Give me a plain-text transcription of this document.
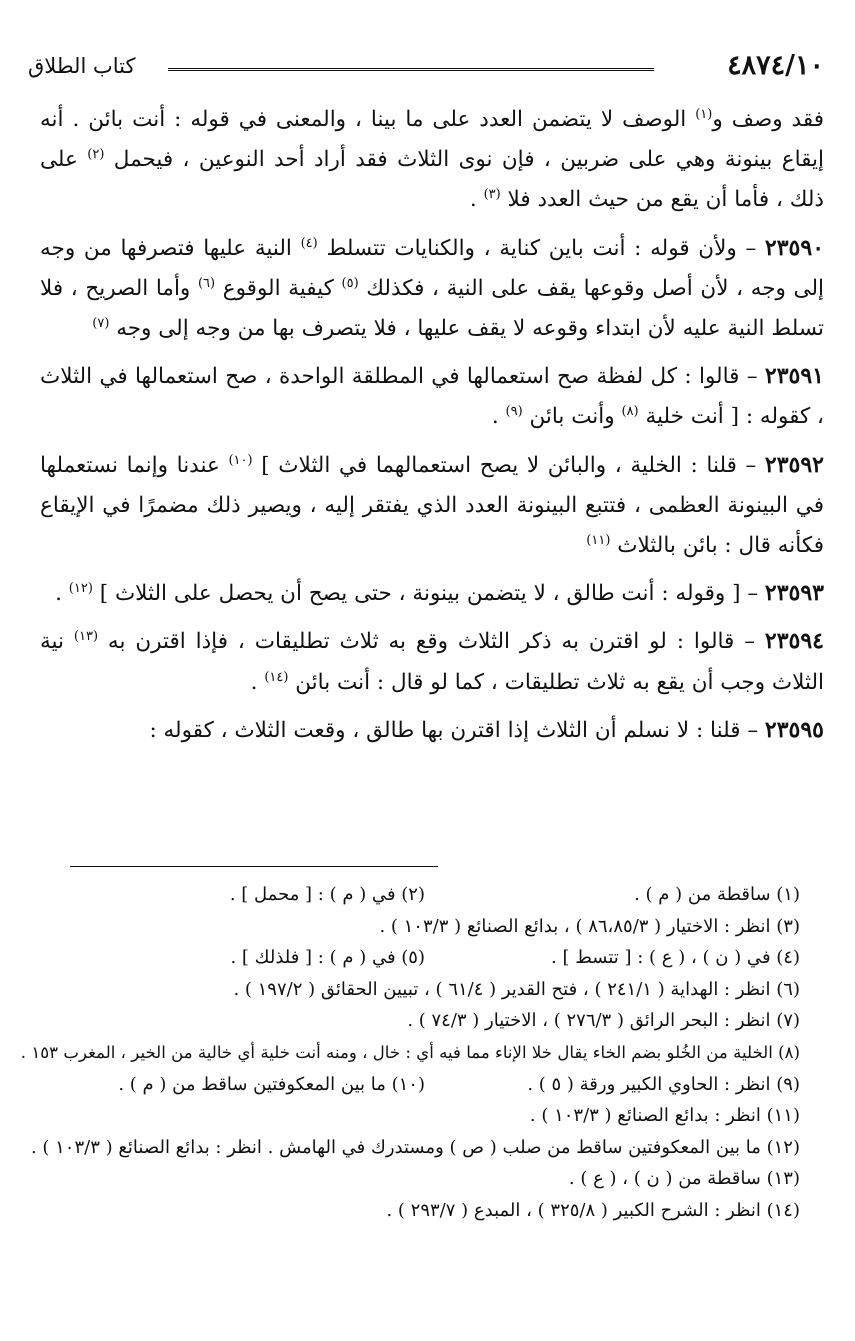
٤٨٧٤/١٠
كتاب الطلاق

فقد وصف و$^{(١)}$ الوصف لا يتضمن العدد على ما بينا ، والمعنى في قوله : أنت بائن . أنه إيقاع بينونة وهي على ضربين ، فإن نوى الثلاث فقد أراد أحد النوعين ، فيحمل $^{(٢)}$ على ذلك ، فأما أن يقع من حيث العدد فلا $^{(٣)}$ .

٢٣٥٩٠ – ولأن قوله : أنت باين كناية ، والكنايات تتسلط $^{(٤)}$ النية عليها فتصرفها من وجه إلى وجه ، لأن أصل وقوعها يقف على النية ، فكذلك $^{(٥)}$ كيفية الوقوع $^{(٦)}$ وأما الصريح ، فلا تسلط النية عليه لأن ابتداء وقوعه لا يقف عليها ، فلا يتصرف بها من وجه إلى وجه $^{(٧)}$

٢٣٥٩١ – قالوا : كل لفظة صح استعمالها في المطلقة الواحدة ، صح استعمالها في الثلاث ، كقوله : [ أنت خلية $^{(٨)}$ وأنت بائن $^{(٩)}$ .

٢٣٥٩٢ – قلنا : الخلية ، والبائن لا يصح استعمالهما في الثلاث ] $^{(١٠)}$ عندنا وإنما نستعملها في البينونة العظمى ، فتتبع البينونة العدد الذي يفتقر إليه ، ويصير ذلك مضمرًا في الإيقاع فكأنه قال : بائن بالثلاث $^{(١١)}$

٢٣٥٩٣ – [ وقوله : أنت طالق ، لا يتضمن بينونة ، حتى يصح أن يحصل على الثلاث ] $^{(١٢)}$ .

٢٣٥٩٤ – قالوا : لو اقترن به ذكر الثلاث وقع به ثلاث تطليقات ، فإذا اقترن به $^{(١٣)}$ نية الثلاث وجب أن يقع به ثلاث تطليقات ، كما لو قال : أنت بائن $^{(١٤)}$ .

٢٣٥٩٥ – قلنا : لا نسلم أن الثلاث إذا اقترن بها طالق ، وقعت الثلاث ، كقوله :

(١) ساقطة من ( م ) .
(٢) في ( م ) : [ محمل ] .
(٣) انظر : الاختيار ( ٨٦،٨٥/٣ ) ، بدائع الصنائع ( ١٠٣/٣ ) .
(٤) في ( ن ) ، ( ع ) : [ تتسط ] .
(٥) في ( م ) : [ فلذلك ] .
(٦) انظر : الهداية ( ٢٤١/١ ) ، فتح القدير ( ٦١/٤ ) ، تبيين الحقائق ( ١٩٧/٢ ) .
(٧) انظر : البحر الرائق ( ٢٧٦/٣ ) ، الاختيار ( ٧٤/٣ ) .
(٨) الخلية من الخُلو بضم الخاء يقال خلا الإناء مما فيه أي : خال ، ومنه أنت خلية أي خالية من الخير ، المغرب ١٥٣ .
(٩) انظر : الحاوي الكبير ورقة ( ٥ ) .
(١٠) ما بين المعكوفتين ساقط من ( م ) .
(١١) انظر : بدائع الصنائع ( ١٠٣/٣ ) .
(١٢) ما بين المعكوفتين ساقط من صلب ( ص ) ومستدرك في الهامش . انظر : بدائع الصنائع ( ١٠٣/٣ ) .
(١٣) ساقطة من ( ن ) ، ( ع ) .
(١٤) انظر : الشرح الكبير ( ٣٢٥/٨ ) ، المبدع ( ٢٩٣/٧ ) .
